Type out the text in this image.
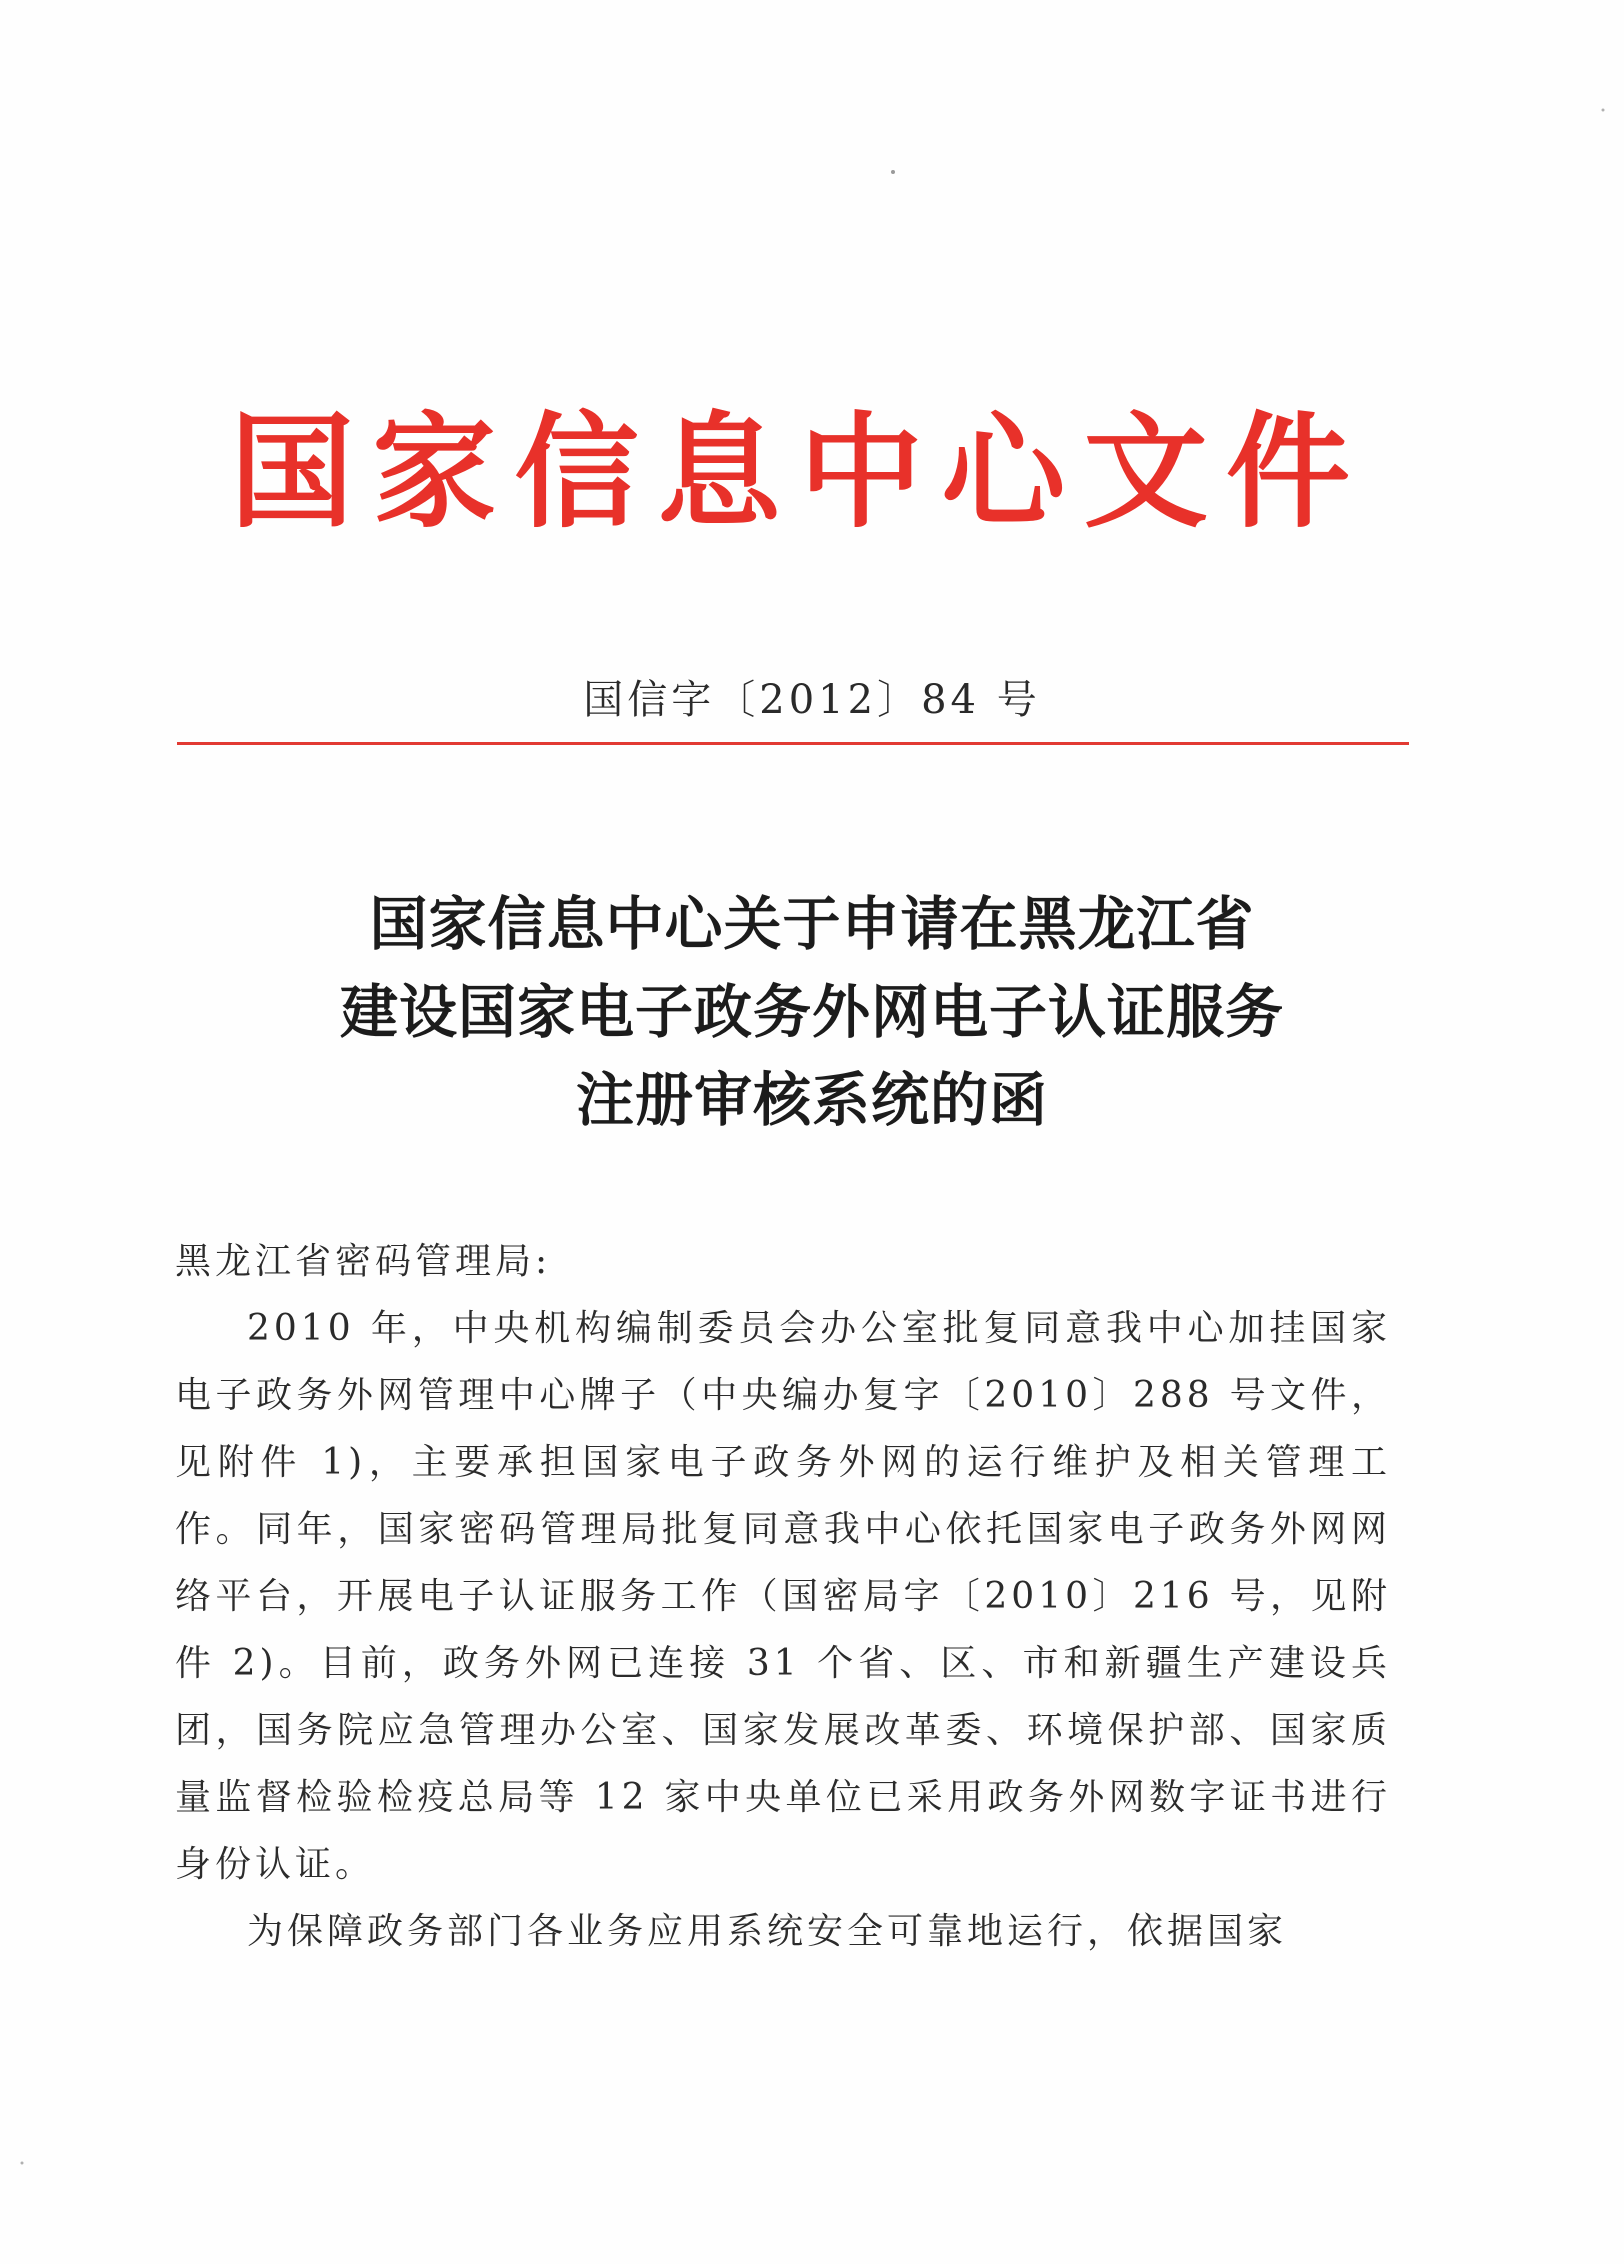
国家信息中心文件
国信字〔2012〕84 号
国家信息中心关于申请在黑龙江省
建设国家电子政务外网电子认证服务
注册审核系统的函

黑龙江省密码管理局:

2010 年，中央机构编制委员会办公室批复同意我中心加挂国家电子政务外网管理中心牌子（中央编办复字〔2010〕288 号文件，见附件 1)，主要承担国家电子政务外网的运行维护及相关管理工作。同年，国家密码管理局批复同意我中心依托国家电子政务外网网络平台，开展电子认证服务工作（国密局字〔2010〕216 号，见附件 2)。目前，政务外网已连接 31 个省、区、市和新疆生产建设兵团，国务院应急管理办公室、国家发展改革委、环境保护部、国家质量监督检验检疫总局等 12 家中央单位已采用政务外网数字证书进行身份认证。

为保障政务部门各业务应用系统安全可靠地运行，依据国家
